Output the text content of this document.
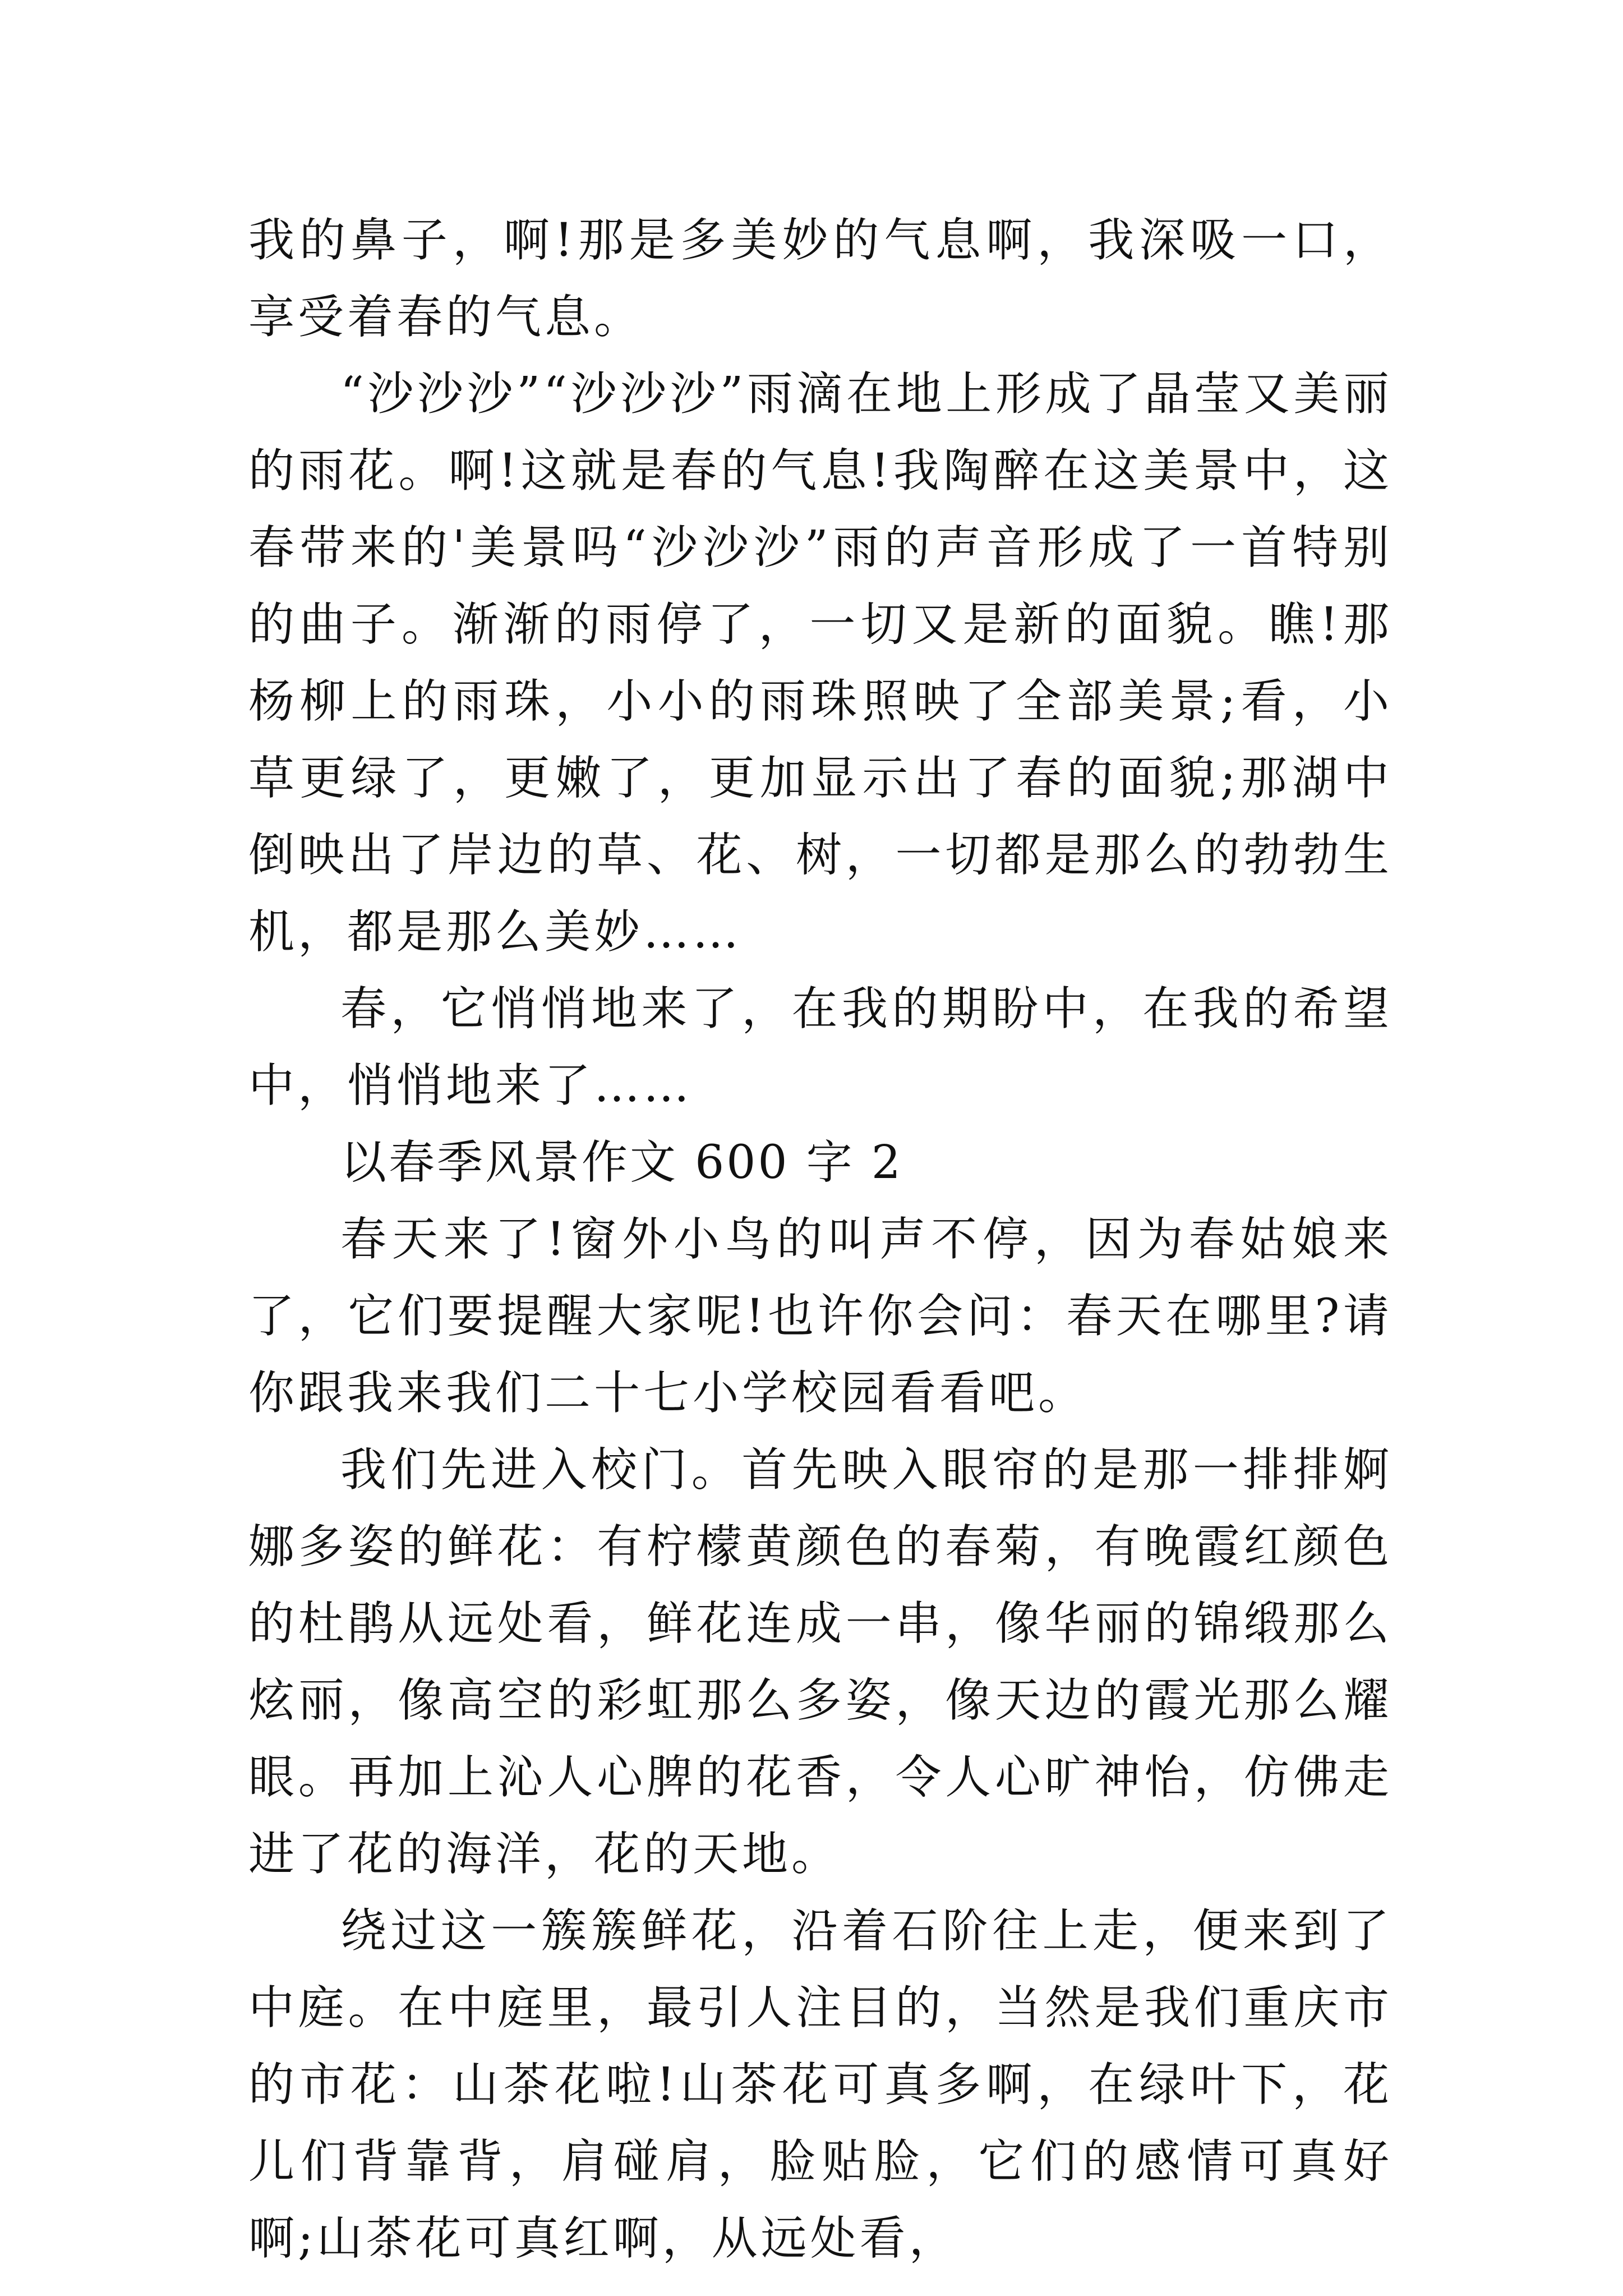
我的鼻子，啊!那是多美妙的气息啊，我深吸一口，享受着春的气息。

“沙沙沙”“沙沙沙”雨滴在地上形成了晶莹又美丽的雨花。啊!这就是春的气息!我陶醉在这美景中，这春带来的'美景吗“沙沙沙”雨的声音形成了一首特别的曲子。渐渐的雨停了，一切又是新的面貌。瞧!那杨柳上的雨珠，小小的雨珠照映了全部美景;看，小草更绿了，更嫩了，更加显示出了春的面貌;那湖中倒映出了岸边的草、花、树，一切都是那么的勃勃生机，都是那么美妙……

春，它悄悄地来了，在我的期盼中，在我的希望中，悄悄地来了……

以春季风景作文 600 字 2

春天来了!窗外小鸟的叫声不停，因为春姑娘来了，它们要提醒大家呢!也许你会问：春天在哪里?请你跟我来我们二十七小学校园看看吧。

我们先进入校门。首先映入眼帘的是那一排排婀娜多姿的鲜花：有柠檬黄颜色的春菊，有晚霞红颜色的杜鹃从远处看，鲜花连成一串，像华丽的锦缎那么炫丽，像高空的彩虹那么多姿，像天边的霞光那么耀眼。再加上沁人心脾的花香，令人心旷神怡，仿佛走进了花的海洋，花的天地。

绕过这一簇簇鲜花，沿着石阶往上走，便来到了中庭。在中庭里，最引人注目的，当然是我们重庆市的市花：山茶花啦!山茶花可真多啊，在绿叶下，花儿们背靠背，肩碰肩，脸贴脸，它们的感情可真好啊;山茶花可真红啊，从远处看，
